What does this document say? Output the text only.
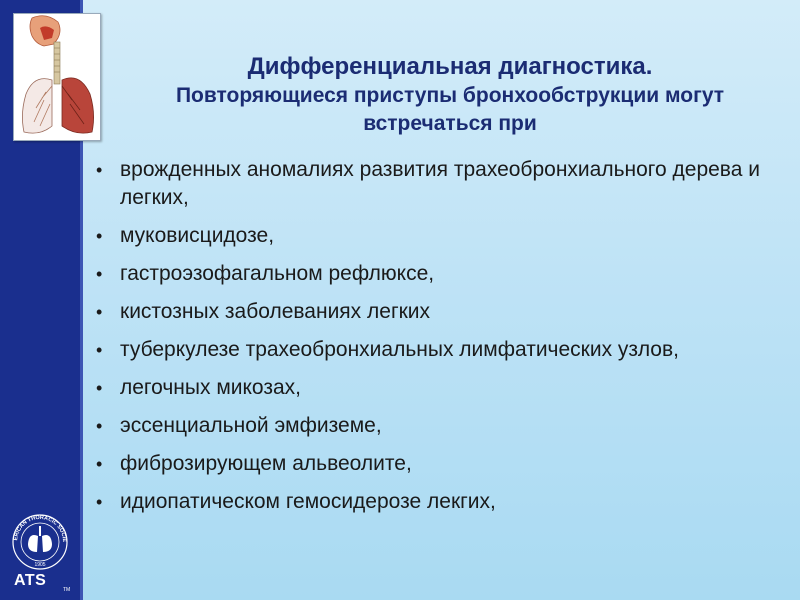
Дифференциальная диагностика.
Повторяющиеся приступы бронхообструкции могут встречаться при
• врожденных аномалиях развития трахеобронхиального дерева и легких,
• муковисцидозе,
• гастроэзофагальном рефлюксе,
• кистозных заболеваниях легких
• туберкулезе трахеобронхиальных лимфатических узлов,
• легочных микозах,
• эссенциальной эмфиземе,
• фиброзирующем альвеолите,
• идиопатическом гемосидерозе лекгих,
ERICAN THORACIC SOCIE
1905
ATS
TM
